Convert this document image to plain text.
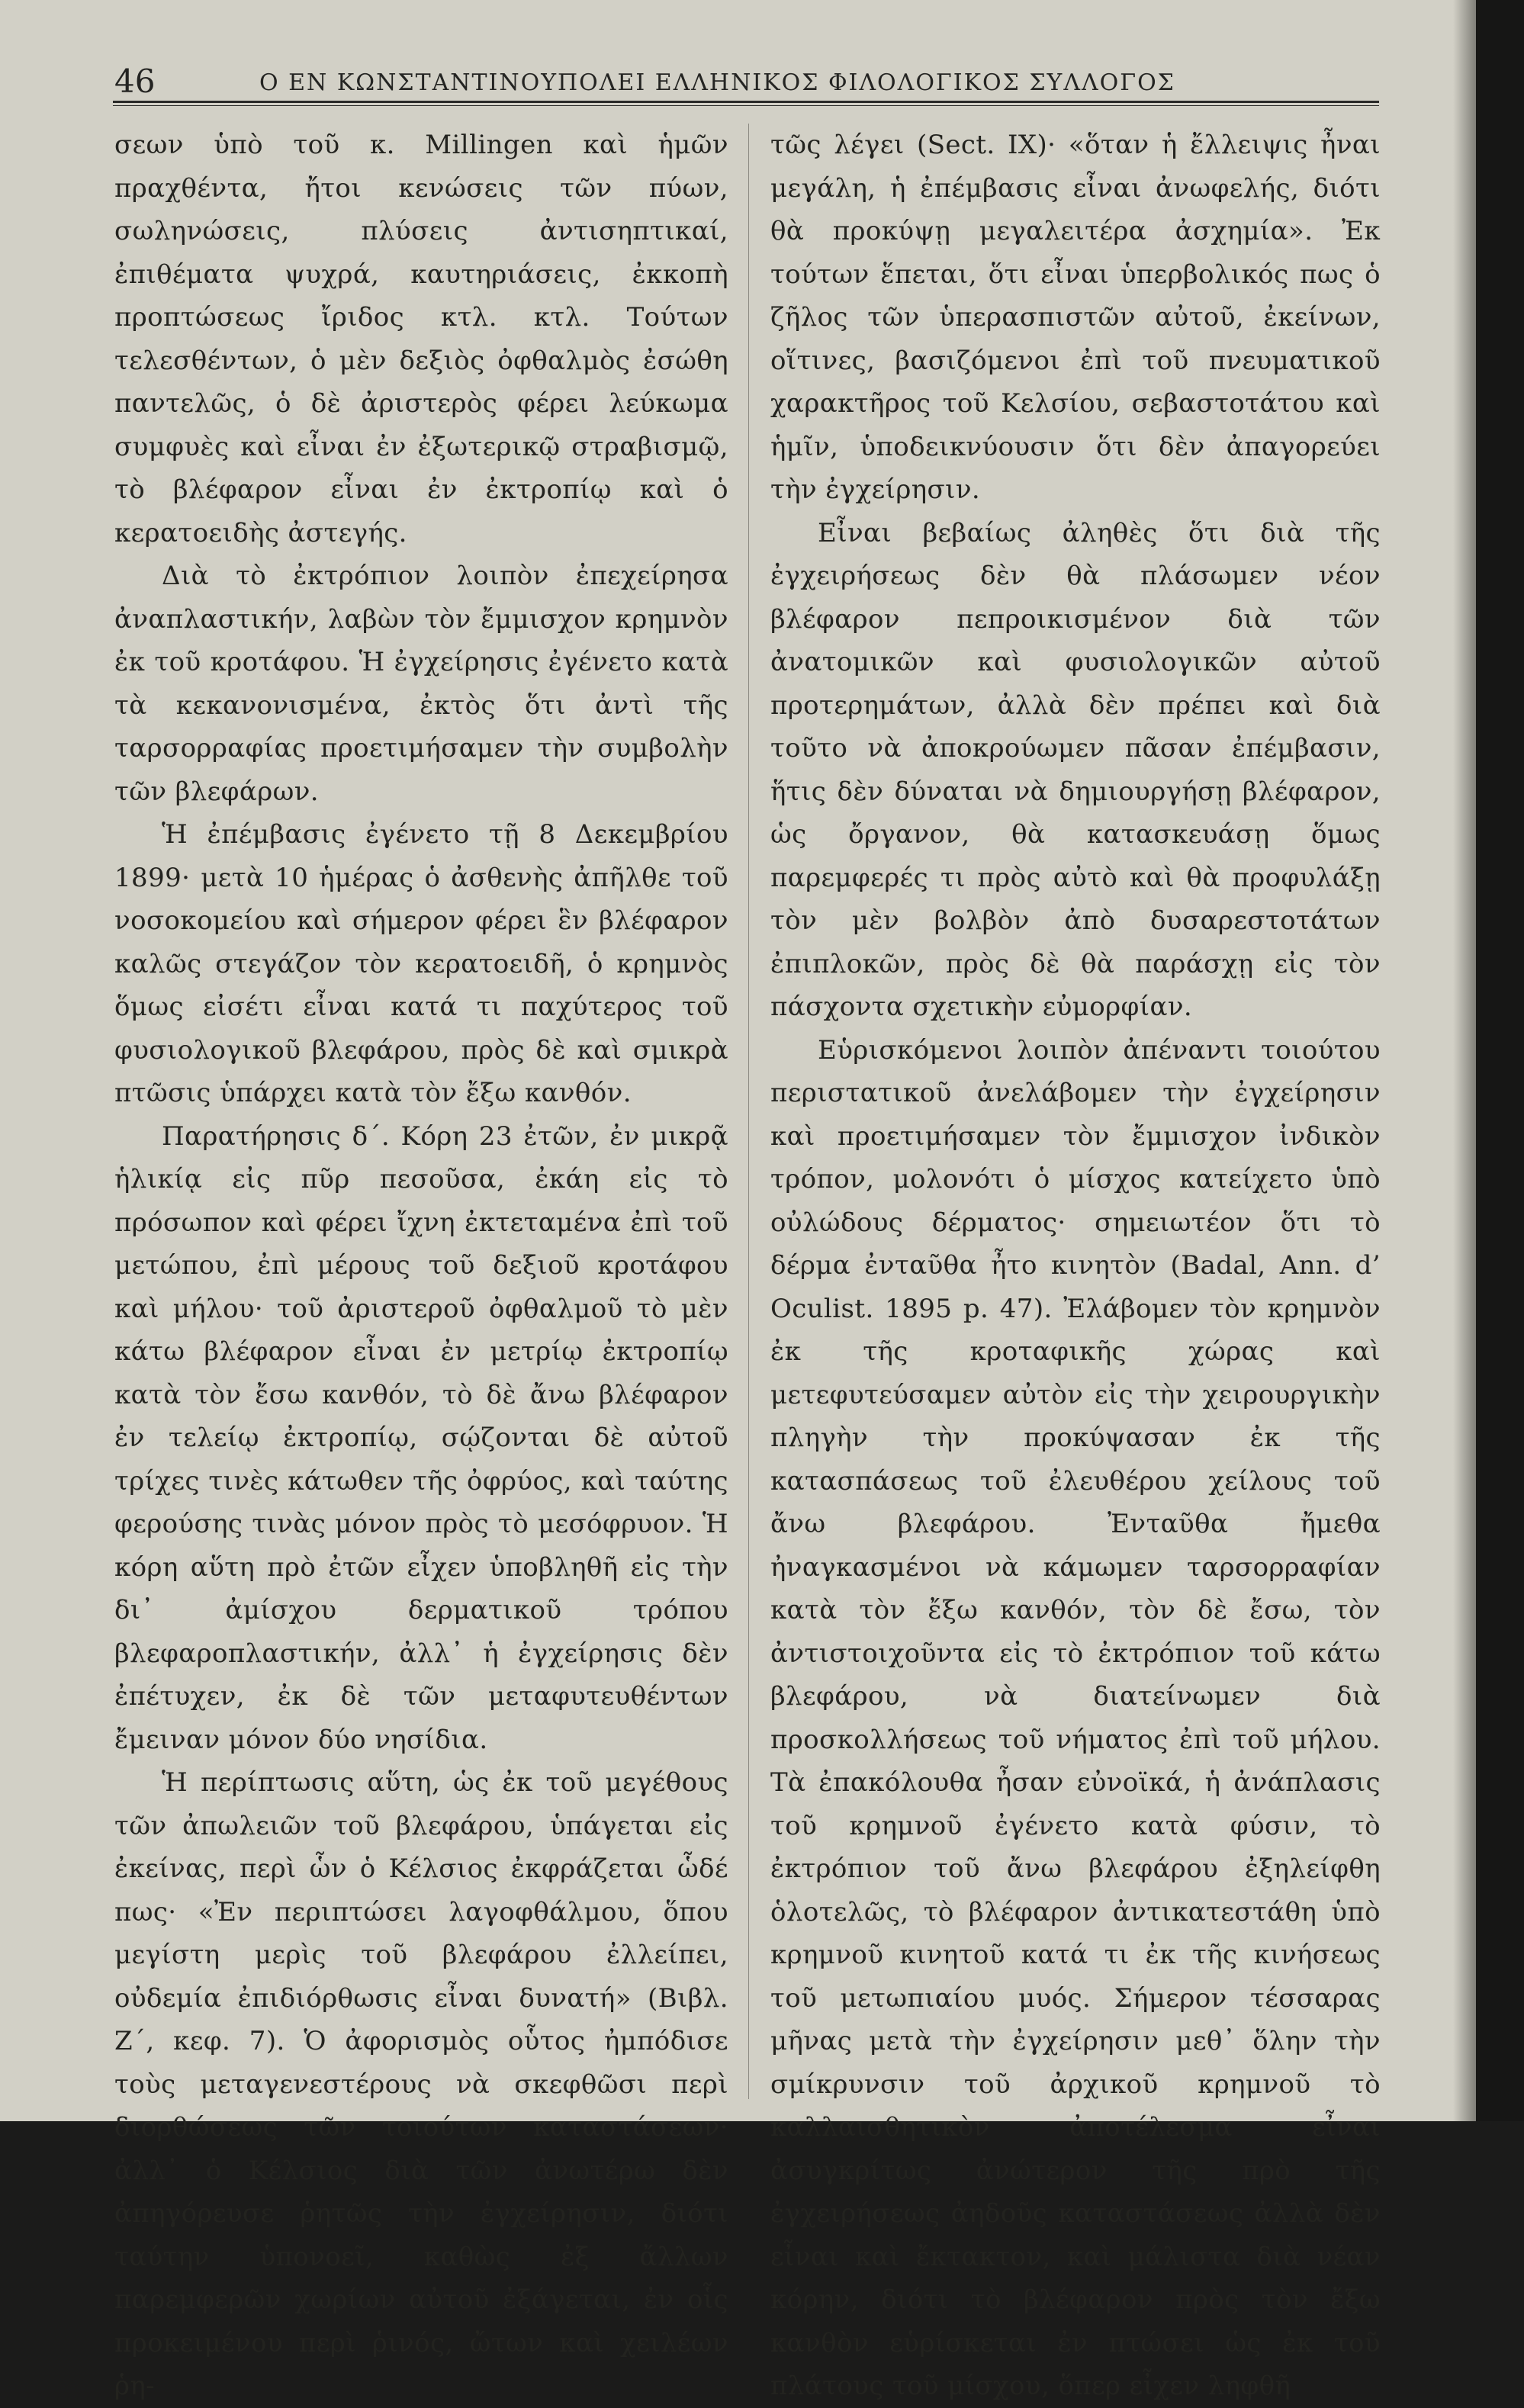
46	Ο ΕΝ ΚΩΝΣΤΑΝΤΙΝΟΥΠΟΛΕΙ ΕΛΛΗΝΙΚΟΣ ΦΙΛΟΛΟΓΙΚΟΣ ΣΥΛΛΟΓΟΣ

σεων ὑπὸ τοῦ κ. Millingen καὶ ἡμῶν πραχθέντα, ἤτοι κενώσεις τῶν πύων, σωληνώσεις, πλύσεις ἀντισηπτικαί, ἐπιθέματα ψυχρά, καυτηριάσεις, ἐκκοπὴ προπτώσεως ἴριδος κτλ. κτλ. Τούτων τελεσθέντων, ὁ μὲν δεξιὸς ὀφθαλμὸς ἐσώθη παντελῶς, ὁ δὲ ἀριστερὸς φέρει λεύκωμα συμφυὲς καὶ εἶναι ἐν ἐξωτερικῷ στραβισμῷ, τὸ βλέφαρον εἶναι ἐν ἐκτροπίῳ καὶ ὁ κερατοειδὴς ἀστεγής.

Διὰ τὸ ἐκτρόπιον λοιπὸν ἐπεχείρησα ἀναπλαστικήν, λαβὼν τὸν ἔμμισχον κρημνὸν ἐκ τοῦ κροτάφου. Ἡ ἐγχείρησις ἐγένετο κατὰ τὰ κεκανονισμένα, ἐκτὸς ὅτι ἀντὶ τῆς ταρσορραφίας προετιμήσαμεν τὴν συμβολὴν τῶν βλεφάρων.

Ἡ ἐπέμβασις ἐγένετο τῇ 8 Δεκεμβρίου 1899· μετὰ 10 ἡμέρας ὁ ἀσθενὴς ἀπῆλθε τοῦ νοσοκομείου καὶ σήμερον φέρει ἓν βλέφαρον καλῶς στεγάζον τὸν κερατοειδῆ, ὁ κρημνὸς ὅμως εἰσέτι εἶναι κατά τι παχύτερος τοῦ φυσιολογικοῦ βλεφάρου, πρὸς δὲ καὶ σμικρὰ πτῶσις ὑπάρχει κατὰ τὸν ἔξω κανθόν.

Παρατήρησις δ΄. Κόρη 23 ἐτῶν, ἐν μικρᾷ ἡλικίᾳ εἰς πῦρ πεσοῦσα, ἐκάη εἰς τὸ πρόσωπον καὶ φέρει ἴχνη ἐκτεταμένα ἐπὶ τοῦ μετώπου, ἐπὶ μέρους τοῦ δεξιοῦ κροτάφου καὶ μήλου· τοῦ ἀριστεροῦ ὀφθαλμοῦ τὸ μὲν κάτω βλέφαρον εἶναι ἐν μετρίῳ ἐκτροπίῳ κατὰ τὸν ἔσω κανθόν, τὸ δὲ ἄνω βλέφαρον ἐν τελείῳ ἐκτροπίῳ, σῴζονται δὲ αὐτοῦ τρίχες τινὲς κάτωθεν τῆς ὀφρύος, καὶ ταύτης φερούσης τινὰς μόνον πρὸς τὸ μεσόφρυον. Ἡ κόρη αὕτη πρὸ ἐτῶν εἶχεν ὑποβληθῆ εἰς τὴν δι᾿ ἀμίσχου δερματικοῦ τρόπου βλεφαροπλαστικήν, ἀλλ᾿ ἡ ἐγχείρησις δὲν ἐπέτυχεν, ἐκ δὲ τῶν μεταφυτευθέντων ἔμειναν μόνον δύο νησίδια.

Ἡ περίπτωσις αὕτη, ὡς ἐκ τοῦ μεγέθους τῶν ἀπωλειῶν τοῦ βλεφάρου, ὑπάγεται εἰς ἐκείνας, περὶ ὧν ὁ Κέλσιος ἐκφράζεται ὧδέ πως· «Ἐν περιπτώσει λαγοφθάλμου, ὅπου μεγίστη μερὶς τοῦ βλεφάρου ἐλλείπει, οὐδεμία ἐπιδιόρθωσις εἶναι δυνατή» (Βιβλ. Ζ΄, κεφ. 7). Ὁ ἀφορισμὸς οὗτος ἠμπόδισε τοὺς μεταγενεστέρους νὰ σκεφθῶσι περὶ διορθώσεως τῶν τοιούτων καταστάσεων· ἀλλ᾿ ὁ Κέλσιος διὰ τῶν ἀνωτέρω δὲν ἀπηγόρευσε ῥητῶς τὴν ἐγχείρησιν, διότι ταύτην ὑπονοεῖ, καθὼς ἐξ ἄλλων παρεμφερῶν χωρίων αὐτοῦ ἐξάγεται, ἐν οἷς προκειμένου περὶ ῥινός, ὤτων καὶ χειλέων ῥη-

τῶς λέγει (Sect. IX)· «ὅταν ἡ ἔλλειψις ἦναι μεγάλη, ἡ ἐπέμβασις εἶναι ἀνωφελής, διότι θὰ προκύψῃ μεγαλειτέρα ἀσχημία». Ἐκ τούτων ἕπεται, ὅτι εἶναι ὑπερβολικός πως ὁ ζῆλος τῶν ὑπερασπιστῶν αὐτοῦ, ἐκείνων, οἵτινες, βασιζόμενοι ἐπὶ τοῦ πνευματικοῦ χαρακτῆρος τοῦ Κελσίου, σεβαστοτάτου καὶ ἡμῖν, ὑποδεικνύουσιν ὅτι δὲν ἀπαγορεύει τὴν ἐγχείρησιν.

Εἶναι βεβαίως ἀληθὲς ὅτι διὰ τῆς ἐγχειρήσεως δὲν θὰ πλάσωμεν νέον βλέφαρον πεπροικισμένον διὰ τῶν ἀνατομικῶν καὶ φυσιολογικῶν αὐτοῦ προτερημάτων, ἀλλὰ δὲν πρέπει καὶ διὰ τοῦτο νὰ ἀποκρούωμεν πᾶσαν ἐπέμβασιν, ἥτις δὲν δύναται νὰ δημιουργήσῃ βλέφαρον, ὡς ὄργανον, θὰ κατασκευάσῃ ὅμως παρεμφερές τι πρὸς αὐτὸ καὶ θὰ προφυλάξῃ τὸν μὲν βολβὸν ἀπὸ δυσαρεστοτάτων ἐπιπλοκῶν, πρὸς δὲ θὰ παράσχῃ εἰς τὸν πάσχοντα σχετικὴν εὐμορφίαν.

Εὑρισκόμενοι λοιπὸν ἀπέναντι τοιούτου περιστατικοῦ ἀνελάβομεν τὴν ἐγχείρησιν καὶ προετιμήσαμεν τὸν ἔμμισχον ἰνδικὸν τρόπον, μολονότι ὁ μίσχος κατείχετο ὑπὸ οὐλώδους δέρματος· σημειωτέον ὅτι τὸ δέρμα ἐνταῦθα ἦτο κινητὸν (Badal, Ann. d’ Oculist. 1895 p. 47). Ἐλάβομεν τὸν κρημνὸν ἐκ τῆς κροταφικῆς χώρας καὶ μετεφυτεύσαμεν αὐτὸν εἰς τὴν χειρουργικὴν πληγὴν τὴν προκύψασαν ἐκ τῆς κατασπάσεως τοῦ ἐλευθέρου χείλους τοῦ ἄνω βλεφάρου. Ἐνταῦθα ἤμεθα ἠναγκασμένοι νὰ κάμωμεν ταρσορραφίαν κατὰ τὸν ἔξω κανθόν, τὸν δὲ ἔσω, τὸν ἀντιστοιχοῦντα εἰς τὸ ἐκτρόπιον τοῦ κάτω βλεφάρου, νὰ διατείνωμεν διὰ προσκολλήσεως τοῦ νήματος ἐπὶ τοῦ μήλου. Τὰ ἐπακόλουθα ἦσαν εὐνοϊκά, ἡ ἀνάπλασις τοῦ κρημνοῦ ἐγένετο κατὰ φύσιν, τὸ ἐκτρόπιον τοῦ ἄνω βλεφάρου ἐξηλείφθη ὁλοτελῶς, τὸ βλέφαρον ἀντικατεστάθη ὑπὸ κρημνοῦ κινητοῦ κατά τι ἐκ τῆς κινήσεως τοῦ μετωπιαίου μυός. Σήμερον τέσσαρας μῆνας μετὰ τὴν ἐγχείρησιν μεθ᾿ ὅλην τὴν σμίκρυνσιν τοῦ ἀρχικοῦ κρημνοῦ τὸ καλλαισθητικὸν ἀποτέλεσμα εἶναι ἀσυγκρίτως ἀνώτερον τῆς πρὸ τῆς ἐγχειρήσεως ἀηδοῦς καταστάσεως ἀλλὰ δὲν εἶναι καὶ ἔκτακτον, καὶ μάλιστα διὰ νέαν κόρην, διότι τὸ βλέφαρον πρὸς τὸν ἔξω κανθὸν εὑρίσκεται ἐν πτώσει ὡς ἐκ τοῦ πλάτους τοῦ μίσχου, ὅπερ εἶχεν ληφθῆ
